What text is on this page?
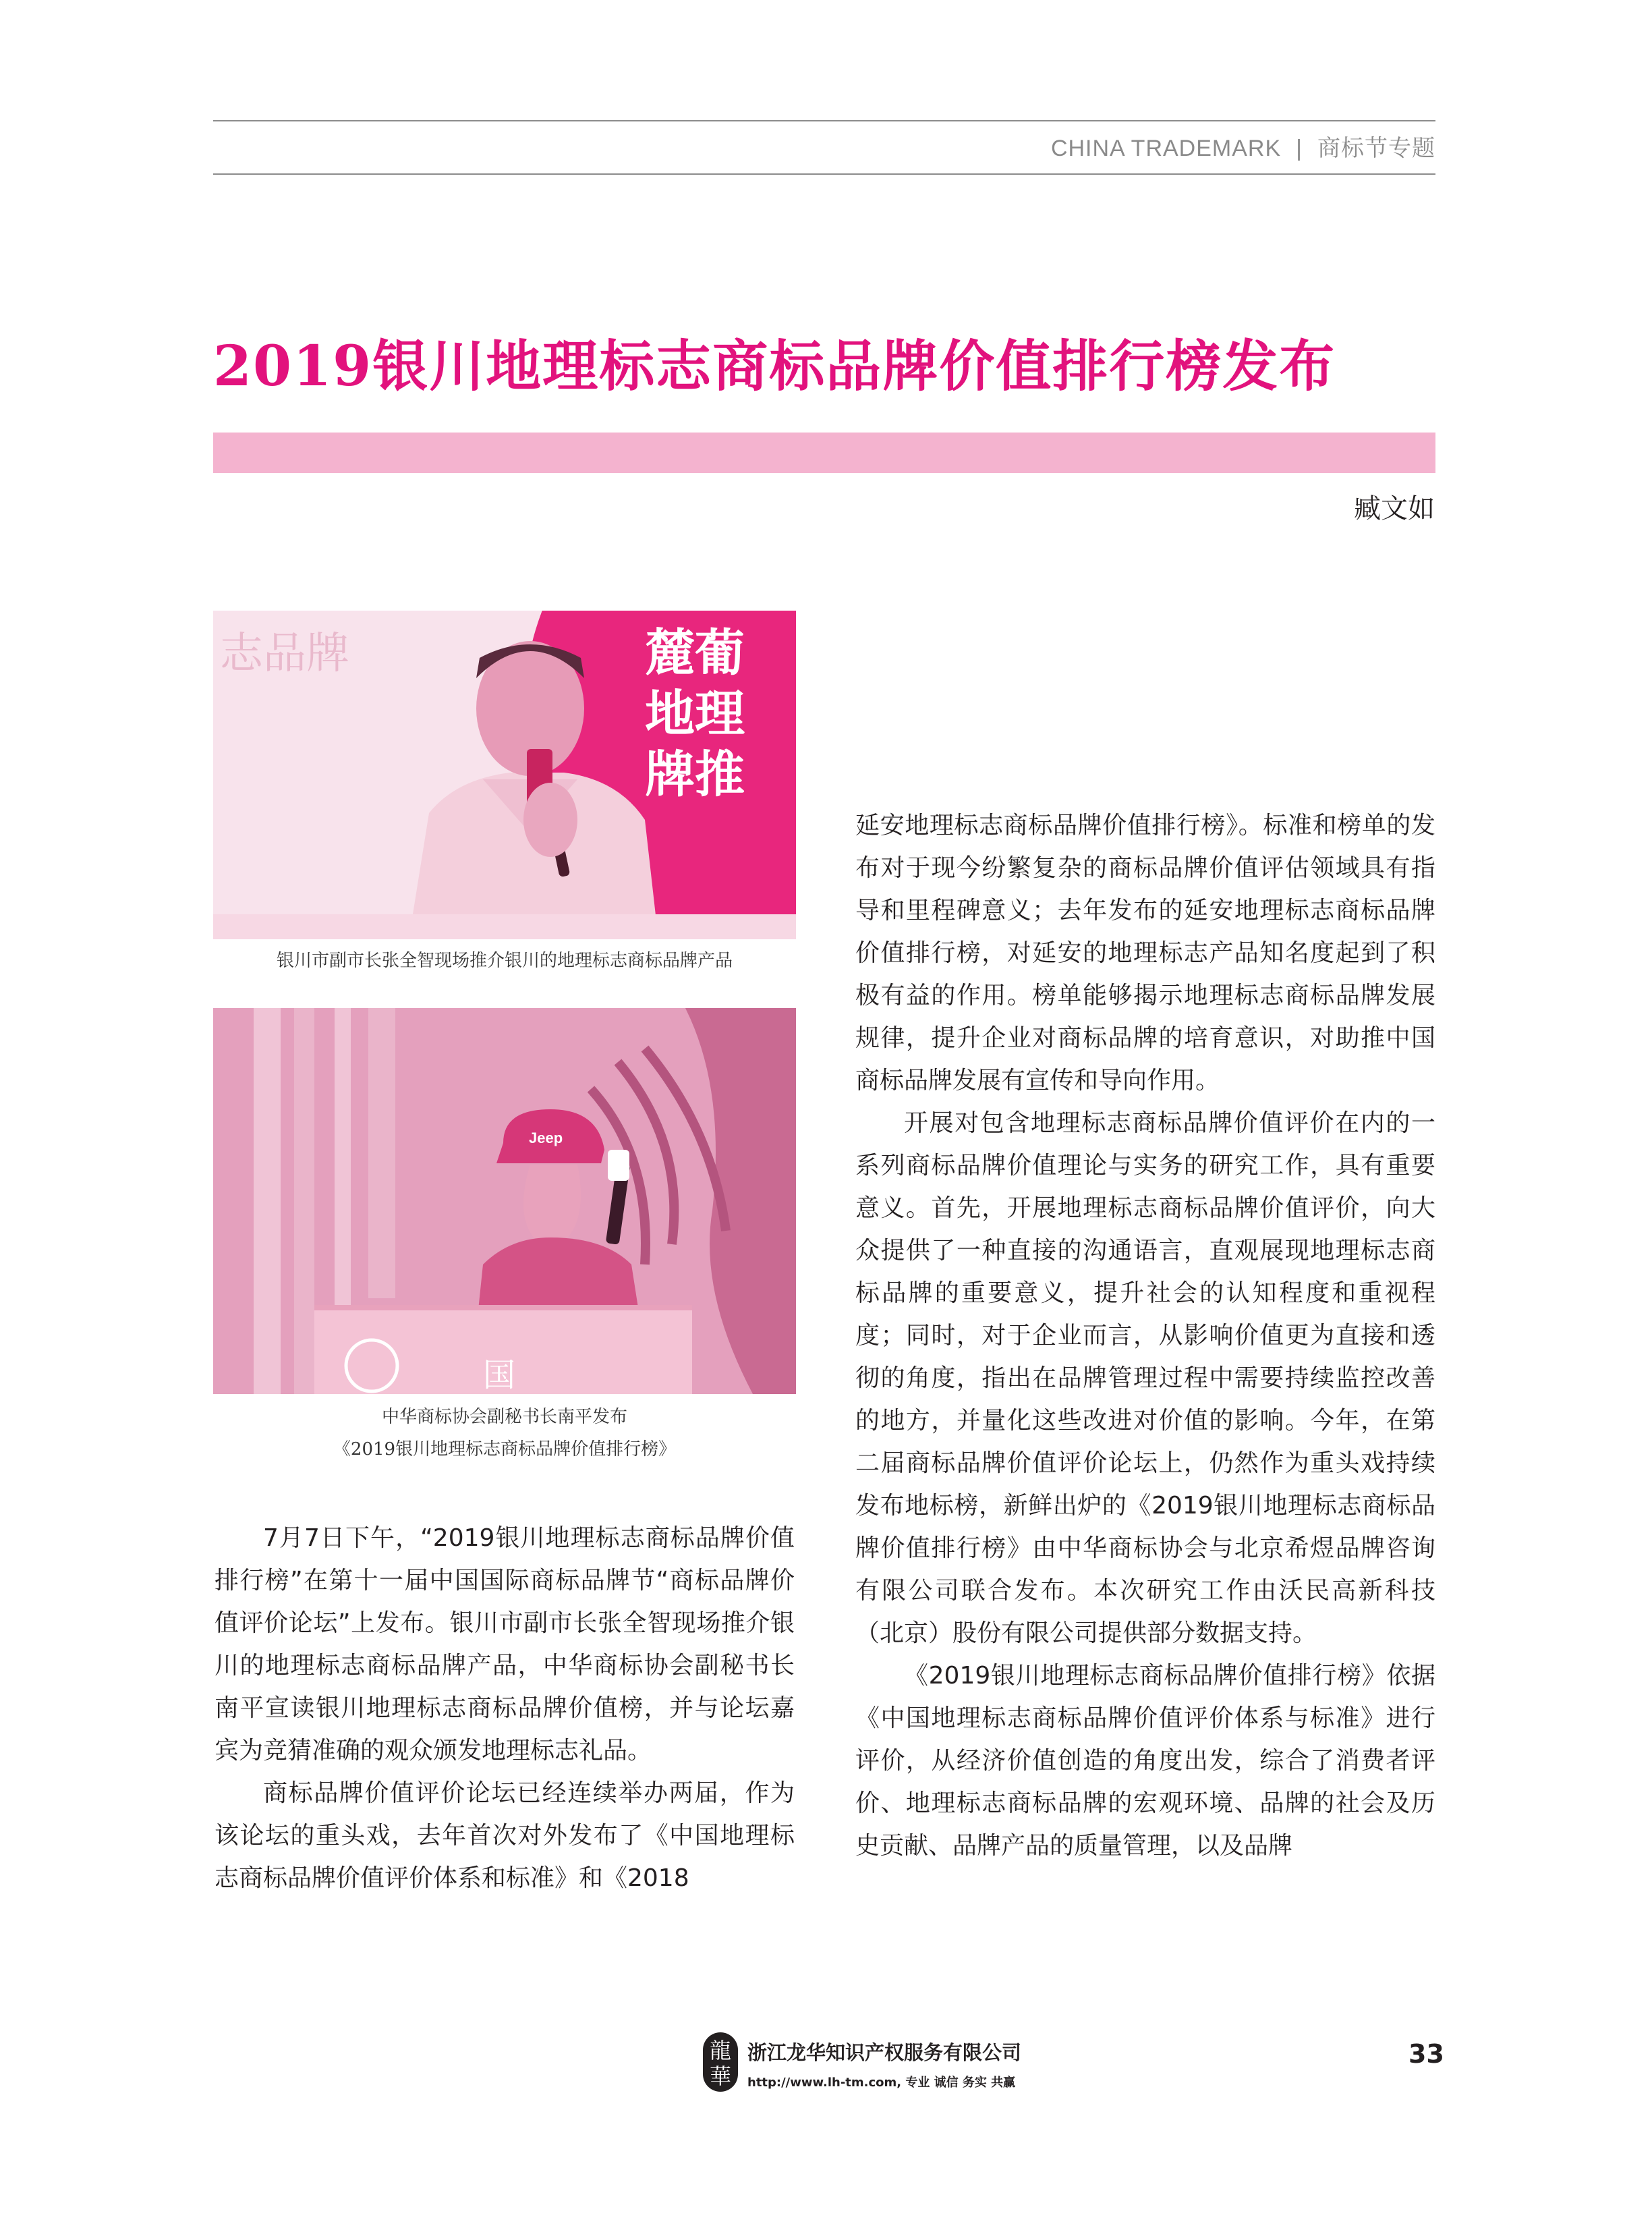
CHINA TRADEMARK | 商标节专题
2019银川地理标志商标品牌价值排行榜发布
臧文如
志品牌	麓葡
地理
牌推
银川市副市长张全智现场推介银川的地理标志商标品牌产品
Jeep
国
中华商标协会副秘书长南平发布
《2019银川地理标志商标品牌价值排行榜》

7月7日下午，“2019银川地理标志商标品牌价值排行榜”在第十一届中国国际商标品牌节“商标品牌价值评价论坛”上发布。银川市副市长张全智现场推介银川的地理标志商标品牌产品，中华商标协会副秘书长南平宣读银川地理标志商标品牌价值榜，并与论坛嘉宾为竞猜准确的观众颁发地理标志礼品。

商标品牌价值评价论坛已经连续举办两届，作为该论坛的重头戏，去年首次对外发布了《中国地理标志商标品牌价值评价体系和标准》和《2018

延安地理标志商标品牌价值排行榜》。标准和榜单的发布对于现今纷繁复杂的商标品牌价值评估领域具有指导和里程碑意义；去年发布的延安地理标志商标品牌价值排行榜，对延安的地理标志产品知名度起到了积极有益的作用。榜单能够揭示地理标志商标品牌发展规律，提升企业对商标品牌的培育意识，对助推中国商标品牌发展有宣传和导向作用。

开展对包含地理标志商标品牌价值评价在内的一系列商标品牌价值理论与实务的研究工作，具有重要意义。首先，开展地理标志商标品牌价值评价，向大众提供了一种直接的沟通语言，直观展现地理标志商标品牌的重要意义，提升社会的认知程度和重视程度；同时，对于企业而言，从影响价值更为直接和透彻的角度，指出在品牌管理过程中需要持续监控改善的地方，并量化这些改进对价值的影响。今年，在第二届商标品牌价值评价论坛上，仍然作为重头戏持续发布地标榜，新鲜出炉的《2019银川地理标志商标品牌价值排行榜》由中华商标协会与北京希煜品牌咨询有限公司联合发布。本次研究工作由沃民高新科技（北京）股份有限公司提供部分数据支持。

《2019银川地理标志商标品牌价值排行榜》依据《中国地理标志商标品牌价值评价体系与标准》进行评价，从经济价值创造的角度出发，综合了消费者评价、地理标志商标品牌的宏观环境、品牌的社会及历史贡献、品牌产品的质量管理，以及品牌

龍
華
浙江龙华知识产权服务有限公司
http://www.lh-tm.com, 专业 诚信 务实 共赢
33
